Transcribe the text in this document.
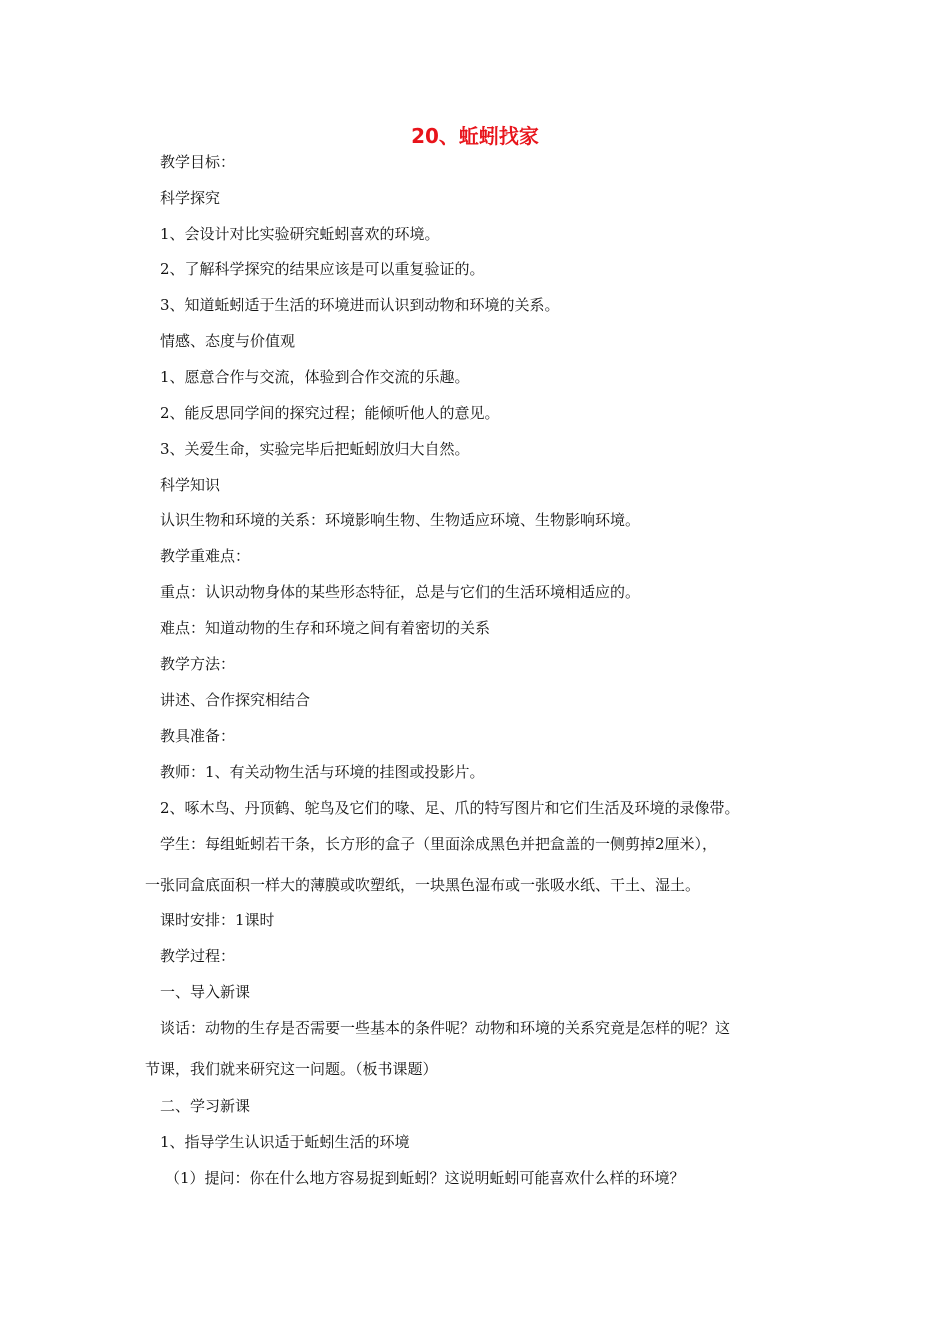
20、蚯蚓找家

教学目标：

科学探究

1、会设计对比实验研究蚯蚓喜欢的环境。

2、了解科学探究的结果应该是可以重复验证的。

3、知道蚯蚓适于生活的环境进而认识到动物和环境的关系。

情感、态度与价值观

1、愿意合作与交流，体验到合作交流的乐趣。

2、能反思同学间的探究过程；能倾听他人的意见。

3、关爱生命，实验完毕后把蚯蚓放归大自然。

科学知识

认识生物和环境的关系：环境影响生物、生物适应环境、生物影响环境。

教学重难点：

重点：认识动物身体的某些形态特征，总是与它们的生活环境相适应的。

难点：知道动物的生存和环境之间有着密切的关系

教学方法：

讲述、合作探究相结合

教具准备：

教师：1、有关动物生活与环境的挂图或投影片。

2、啄木鸟、丹顶鹤、鸵鸟及它们的喙、足、爪的特写图片和它们生活及环境的录像带。

学生：每组蚯蚓若干条，长方形的盒子（里面涂成黑色并把盒盖的一侧剪掉2厘米），

一张同盒底面积一样大的薄膜或吹塑纸，一块黑色湿布或一张吸水纸、干土、湿土。

课时安排：1课时

教学过程：

一、导入新课

谈话：动物的生存是否需要一些基本的条件呢？动物和环境的关系究竟是怎样的呢？这

节课，我们就来研究这一问题。（板书课题）

二、学习新课

1、指导学生认识适于蚯蚓生活的环境

（1）提问：你在什么地方容易捉到蚯蚓？这说明蚯蚓可能喜欢什么样的环境？
